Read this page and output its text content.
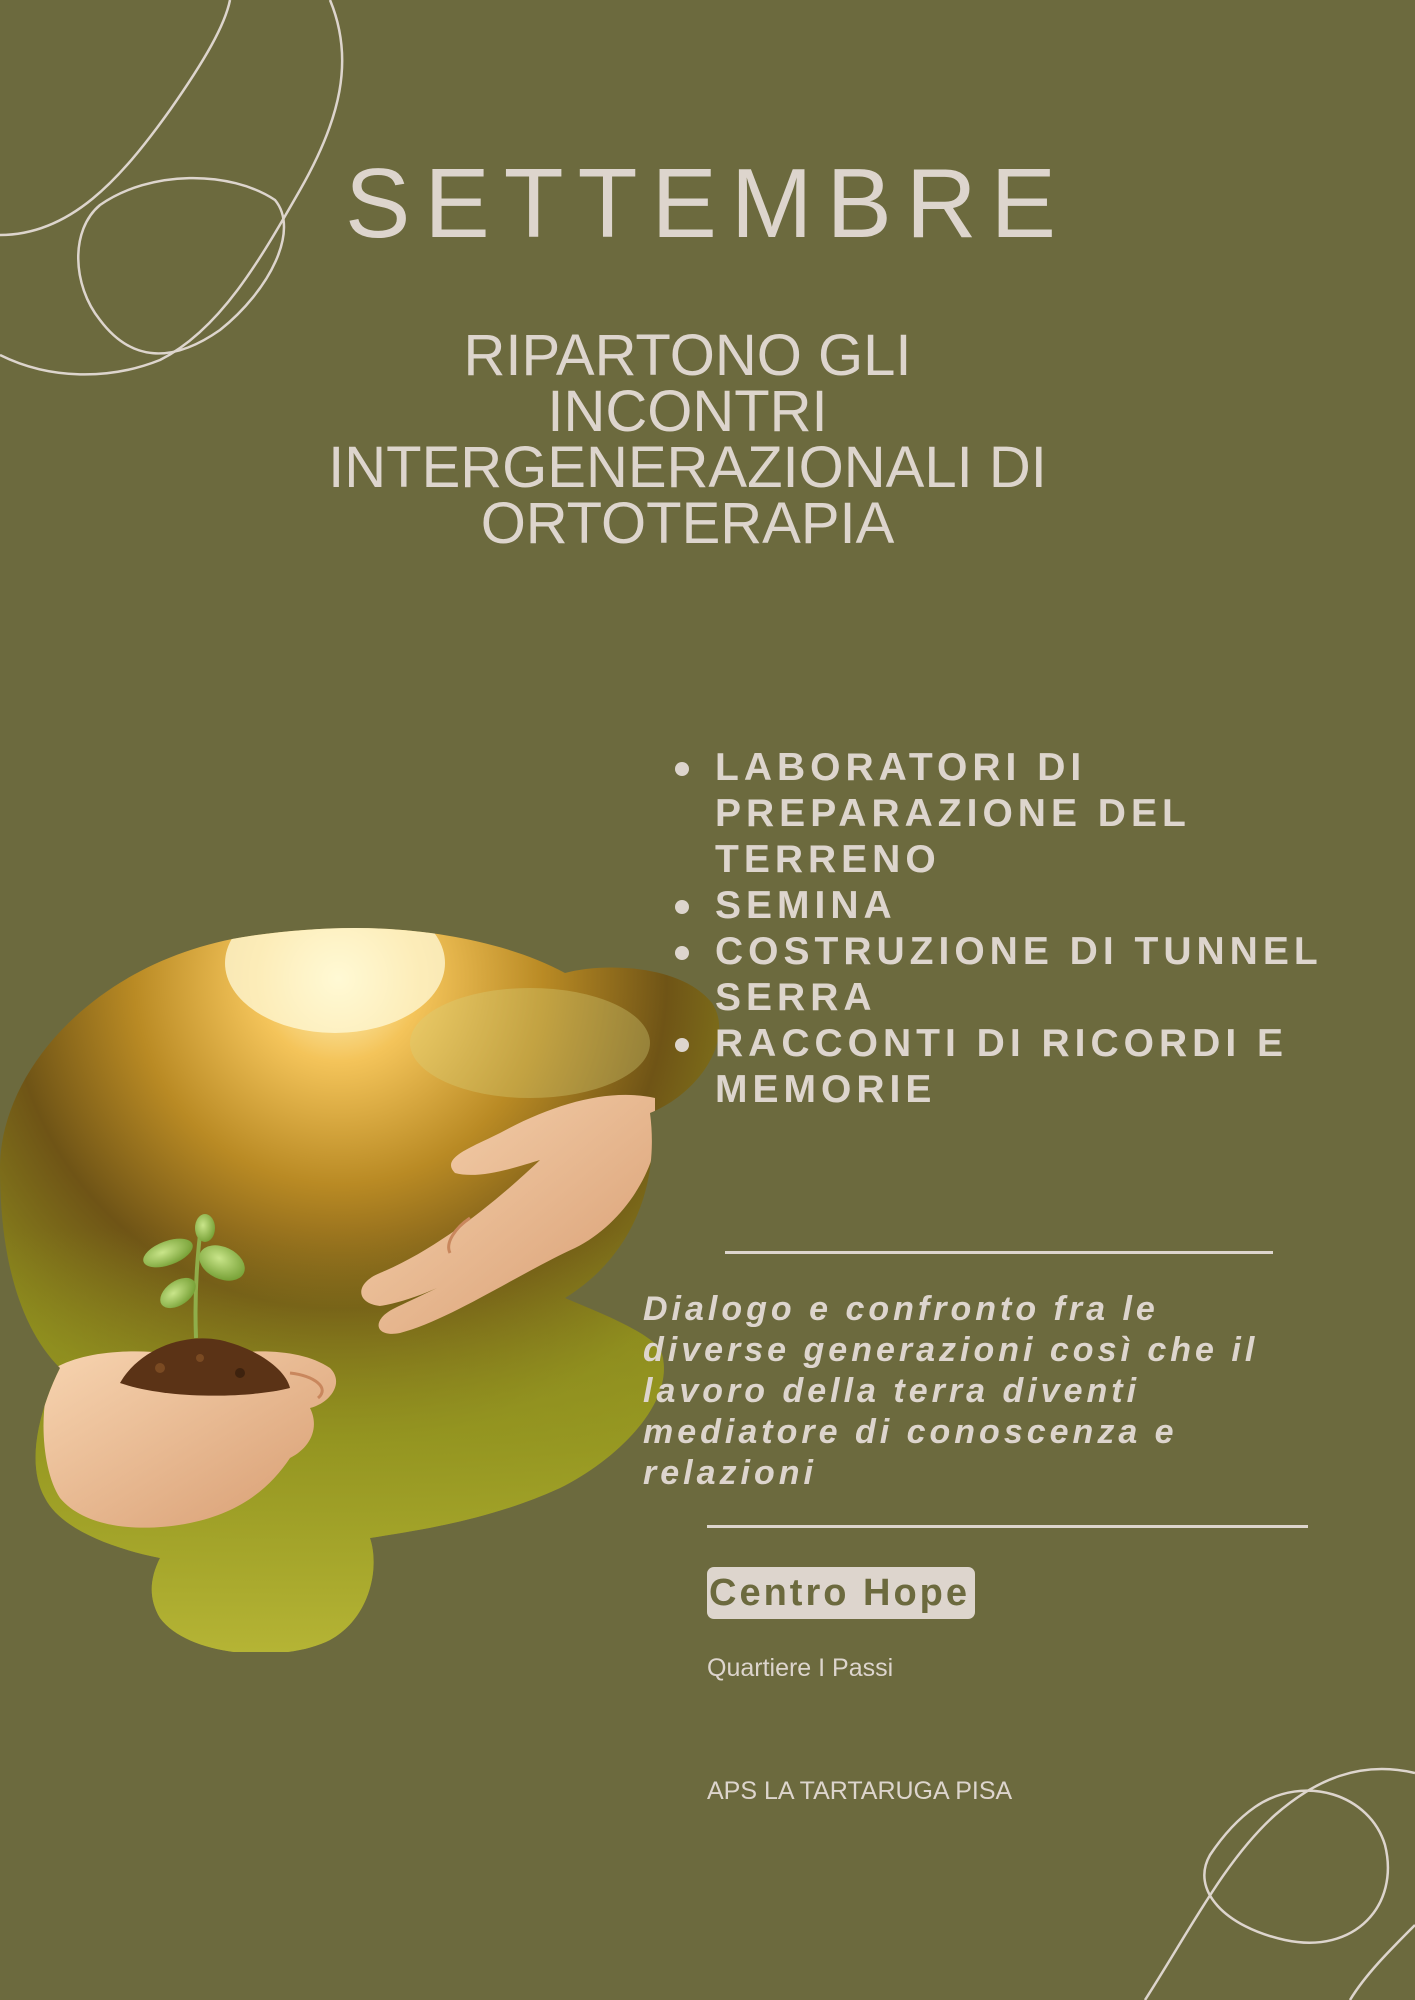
SETTEMBRE
RIPARTONO GLI
INCONTRI
INTERGENERAZIONALI DI
ORTOTERAPIA
LABORATORI DI
PREPARAZIONE DEL
TERRENO
SEMINA
COSTRUZIONE DI TUNNEL
SERRA
RACCONTI DI RICORDI E
MEMORIE
Dialogo e confronto fra le
diverse generazioni così che il
lavoro della terra diventi
mediatore di conoscenza e
relazioni
Centro Hope
Quartiere I Passi
APS LA TARTARUGA PISA
